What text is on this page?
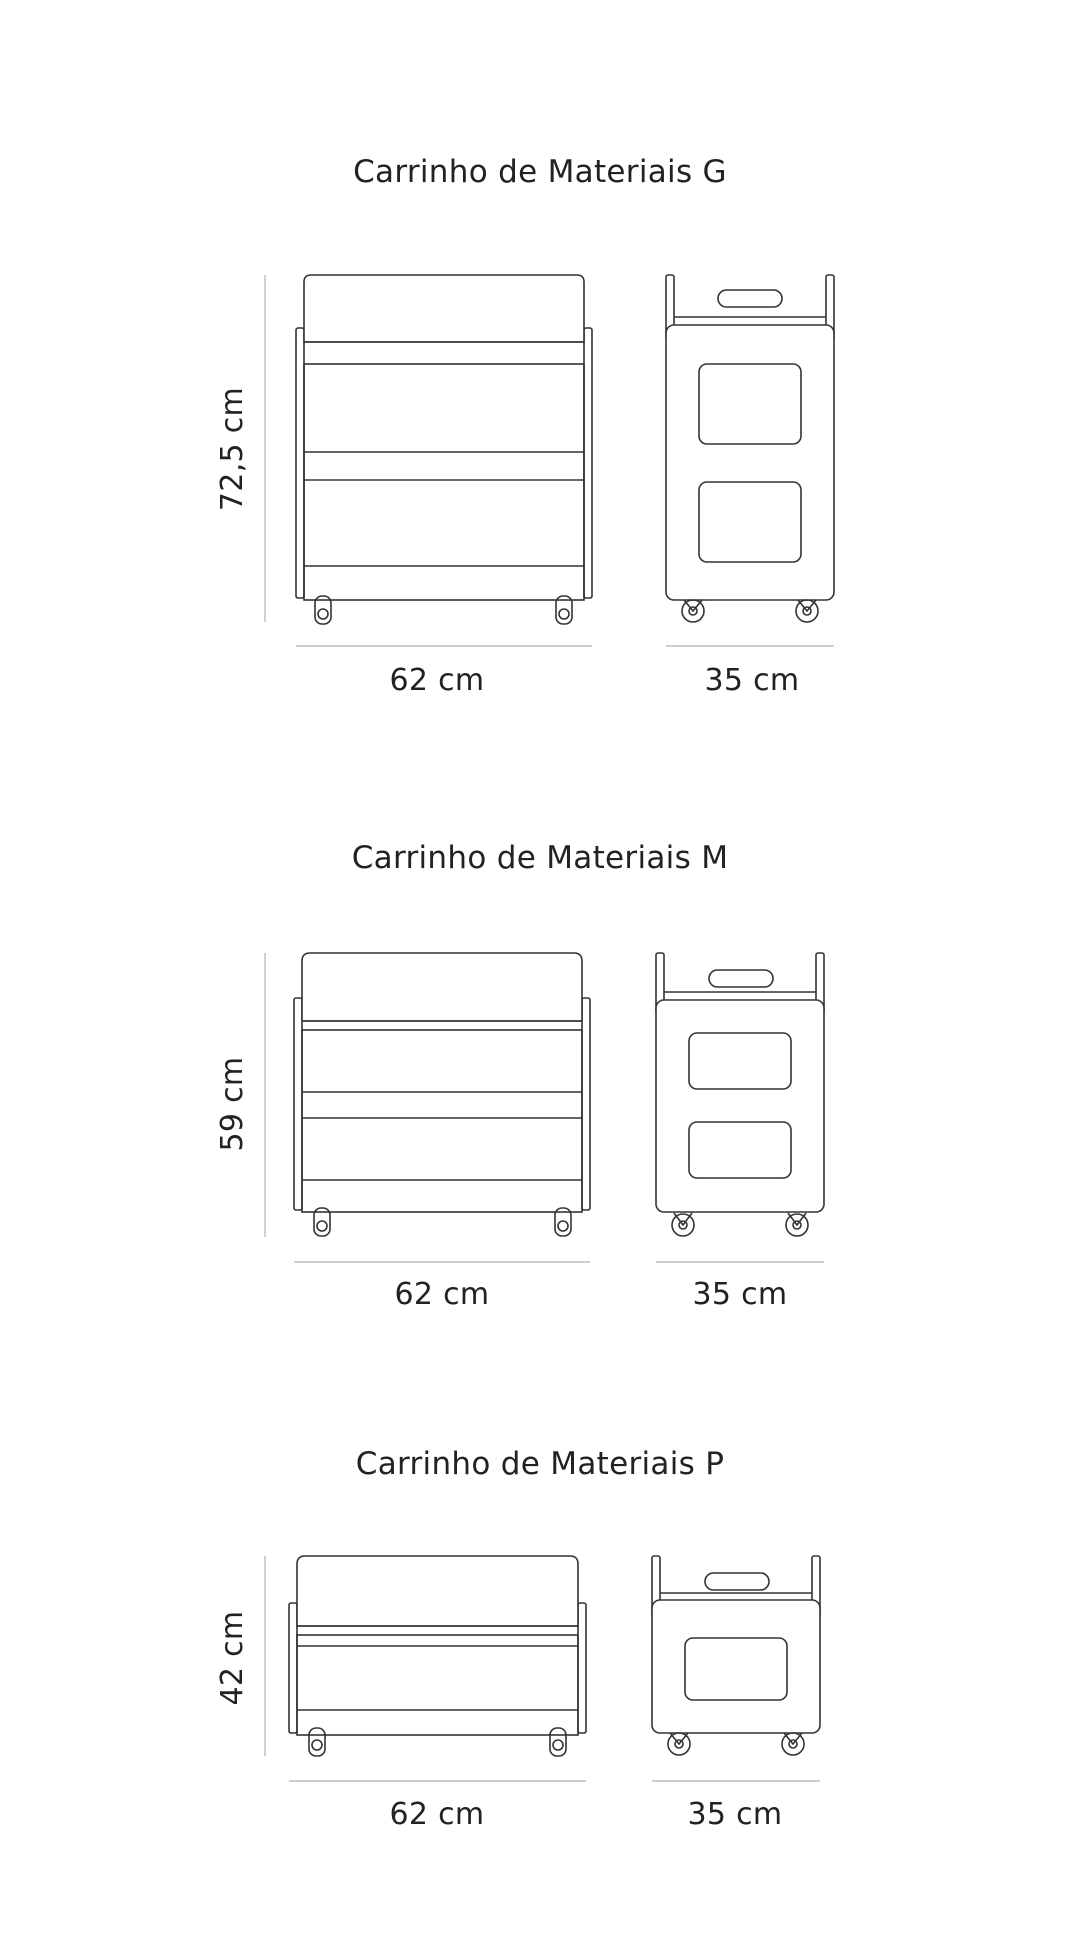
Carrinho de Materiais G
72,5 cm
62 cm	35 cm
Carrinho de Materiais M
59 cm
62 cm	35 cm
Carrinho de Materiais P
42 cm
62 cm	35 cm
